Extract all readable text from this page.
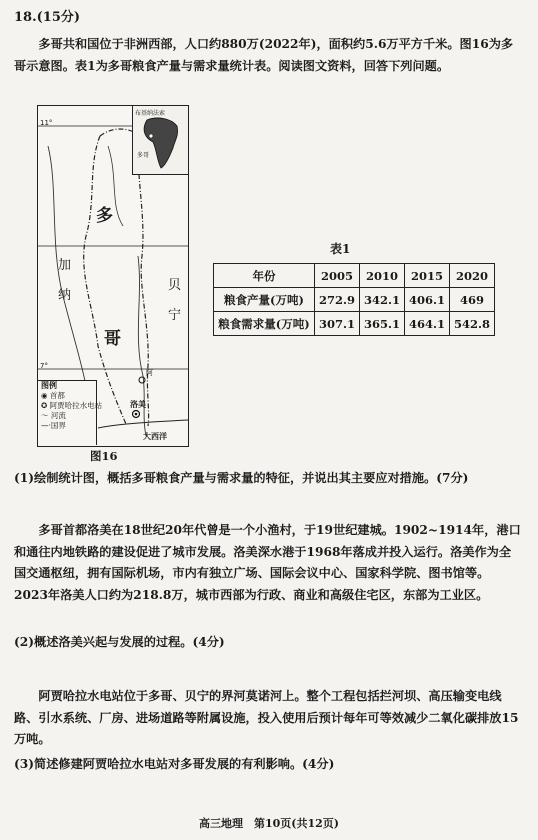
18.(15分)
多哥共和国位于非洲西部，人口约880万(2022年)，面积约5.6万平方千米。图16为多哥示意图。表1为多哥粮食产量与需求量统计表。阅读图文资料，回答下列问题。
11°
7°
多
哥
加
纳
贝
宁
阿
洛美
大西洋
布基纳法索
多哥
图例
◉ 首都
✪ 阿贾哈拉水电站
～ 河流
—·国界
图16
表1
年份	2005	2010	2015	2020
粮食产量(万吨)	272.9	342.1	406.1	469
粮食需求量(万吨)	307.1	365.1	464.1	542.8
(1)绘制统计图，概括多哥粮食产量与需求量的特征，并说出其主要应对措施。(7分)
多哥首都洛美在18世纪20年代曾是一个小渔村，于19世纪建城。1902~1914年，港口和通往内地铁路的建设促进了城市发展。洛美深水港于1968年落成并投入运行。洛美作为全国交通枢纽，拥有国际机场，市内有独立广场、国际会议中心、国家科学院、图书馆等。2023年洛美人口约为218.8万，城市西部为行政、商业和高级住宅区，东部为工业区。
(2)概述洛美兴起与发展的过程。(4分)
阿贾哈拉水电站位于多哥、贝宁的界河莫诺河上。整个工程包括拦河坝、高压输变电线路、引水系统、厂房、进场道路等附属设施，投入使用后预计每年可等效减少二氧化碳排放15万吨。
(3)简述修建阿贾哈拉水电站对多哥发展的有利影响。(4分)
高三地理　第10页(共12页)
